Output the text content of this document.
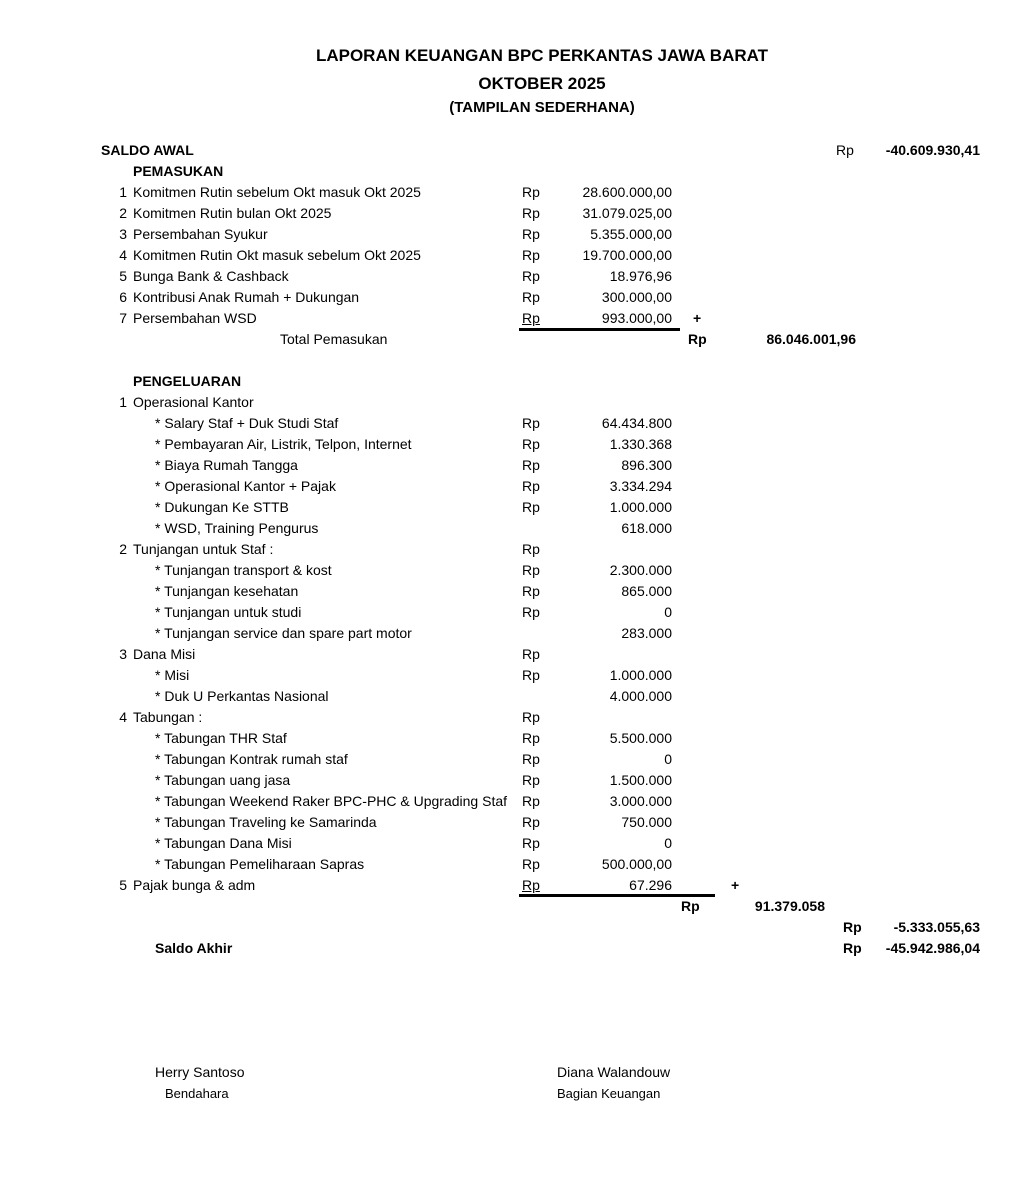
LAPORAN KEUANGAN BPC PERKANTAS JAWA BARAT
OKTOBER 2025
(TAMPILAN SEDERHANA)
SALDO AWAL	Rp -40.609.930,41
PEMASUKAN
1 Komitmen Rutin sebelum Okt masuk Okt 2025	Rp	28.600.000,00
2 Komitmen Rutin bulan Okt 2025	Rp	31.079.025,00
3 Persembahan Syukur	Rp	5.355.000,00
4 Komitmen Rutin Okt masuk sebelum Okt 2025	Rp	19.700.000,00
5 Bunga Bank & Cashback	Rp	18.976,96
6 Kontribusi Anak Rumah + Dukungan	Rp	300.000,00
7 Persembahan WSD	Rp	993.000,00 +
Total Pemasukan	Rp	86.046.001,96
PENGELUARAN
1 Operasional Kantor
* Salary Staf + Duk Studi Staf	Rp	64.434.800
* Pembayaran Air, Listrik, Telpon, Internet	Rp	1.330.368
* Biaya Rumah Tangga	Rp	896.300
* Operasional Kantor + Pajak	Rp	3.334.294
* Dukungan Ke STTB	Rp	1.000.000
* WSD, Training Pengurus	618.000
2 Tunjangan untuk Staf :	Rp
* Tunjangan transport & kost	Rp	2.300.000
* Tunjangan kesehatan	Rp	865.000
* Tunjangan untuk studi	Rp	0
* Tunjangan service dan spare part motor	283.000
3 Dana Misi	Rp
* Misi	Rp	1.000.000
* Duk U Perkantas Nasional	4.000.000
4 Tabungan :	Rp
* Tabungan THR Staf	Rp	5.500.000
* Tabungan Kontrak rumah staf	Rp	0
* Tabungan uang jasa	Rp	1.500.000
* Tabungan Weekend Raker BPC-PHC & Upgrading Staf Rp	3.000.000
* Tabungan Traveling ke Samarinda	Rp	750.000
* Tabungan Dana Misi	Rp	0
* Tabungan Pemeliharaan Sapras	Rp	500.000,00
5 Pajak bunga & adm	Rp	67.296	+
Rp	91.379.058
Rp -5.333.055,63
Saldo Akhir	Rp -45.942.986,04
Herry Santoso
Bendahara
Diana Walandouw
Bagian Keuangan
